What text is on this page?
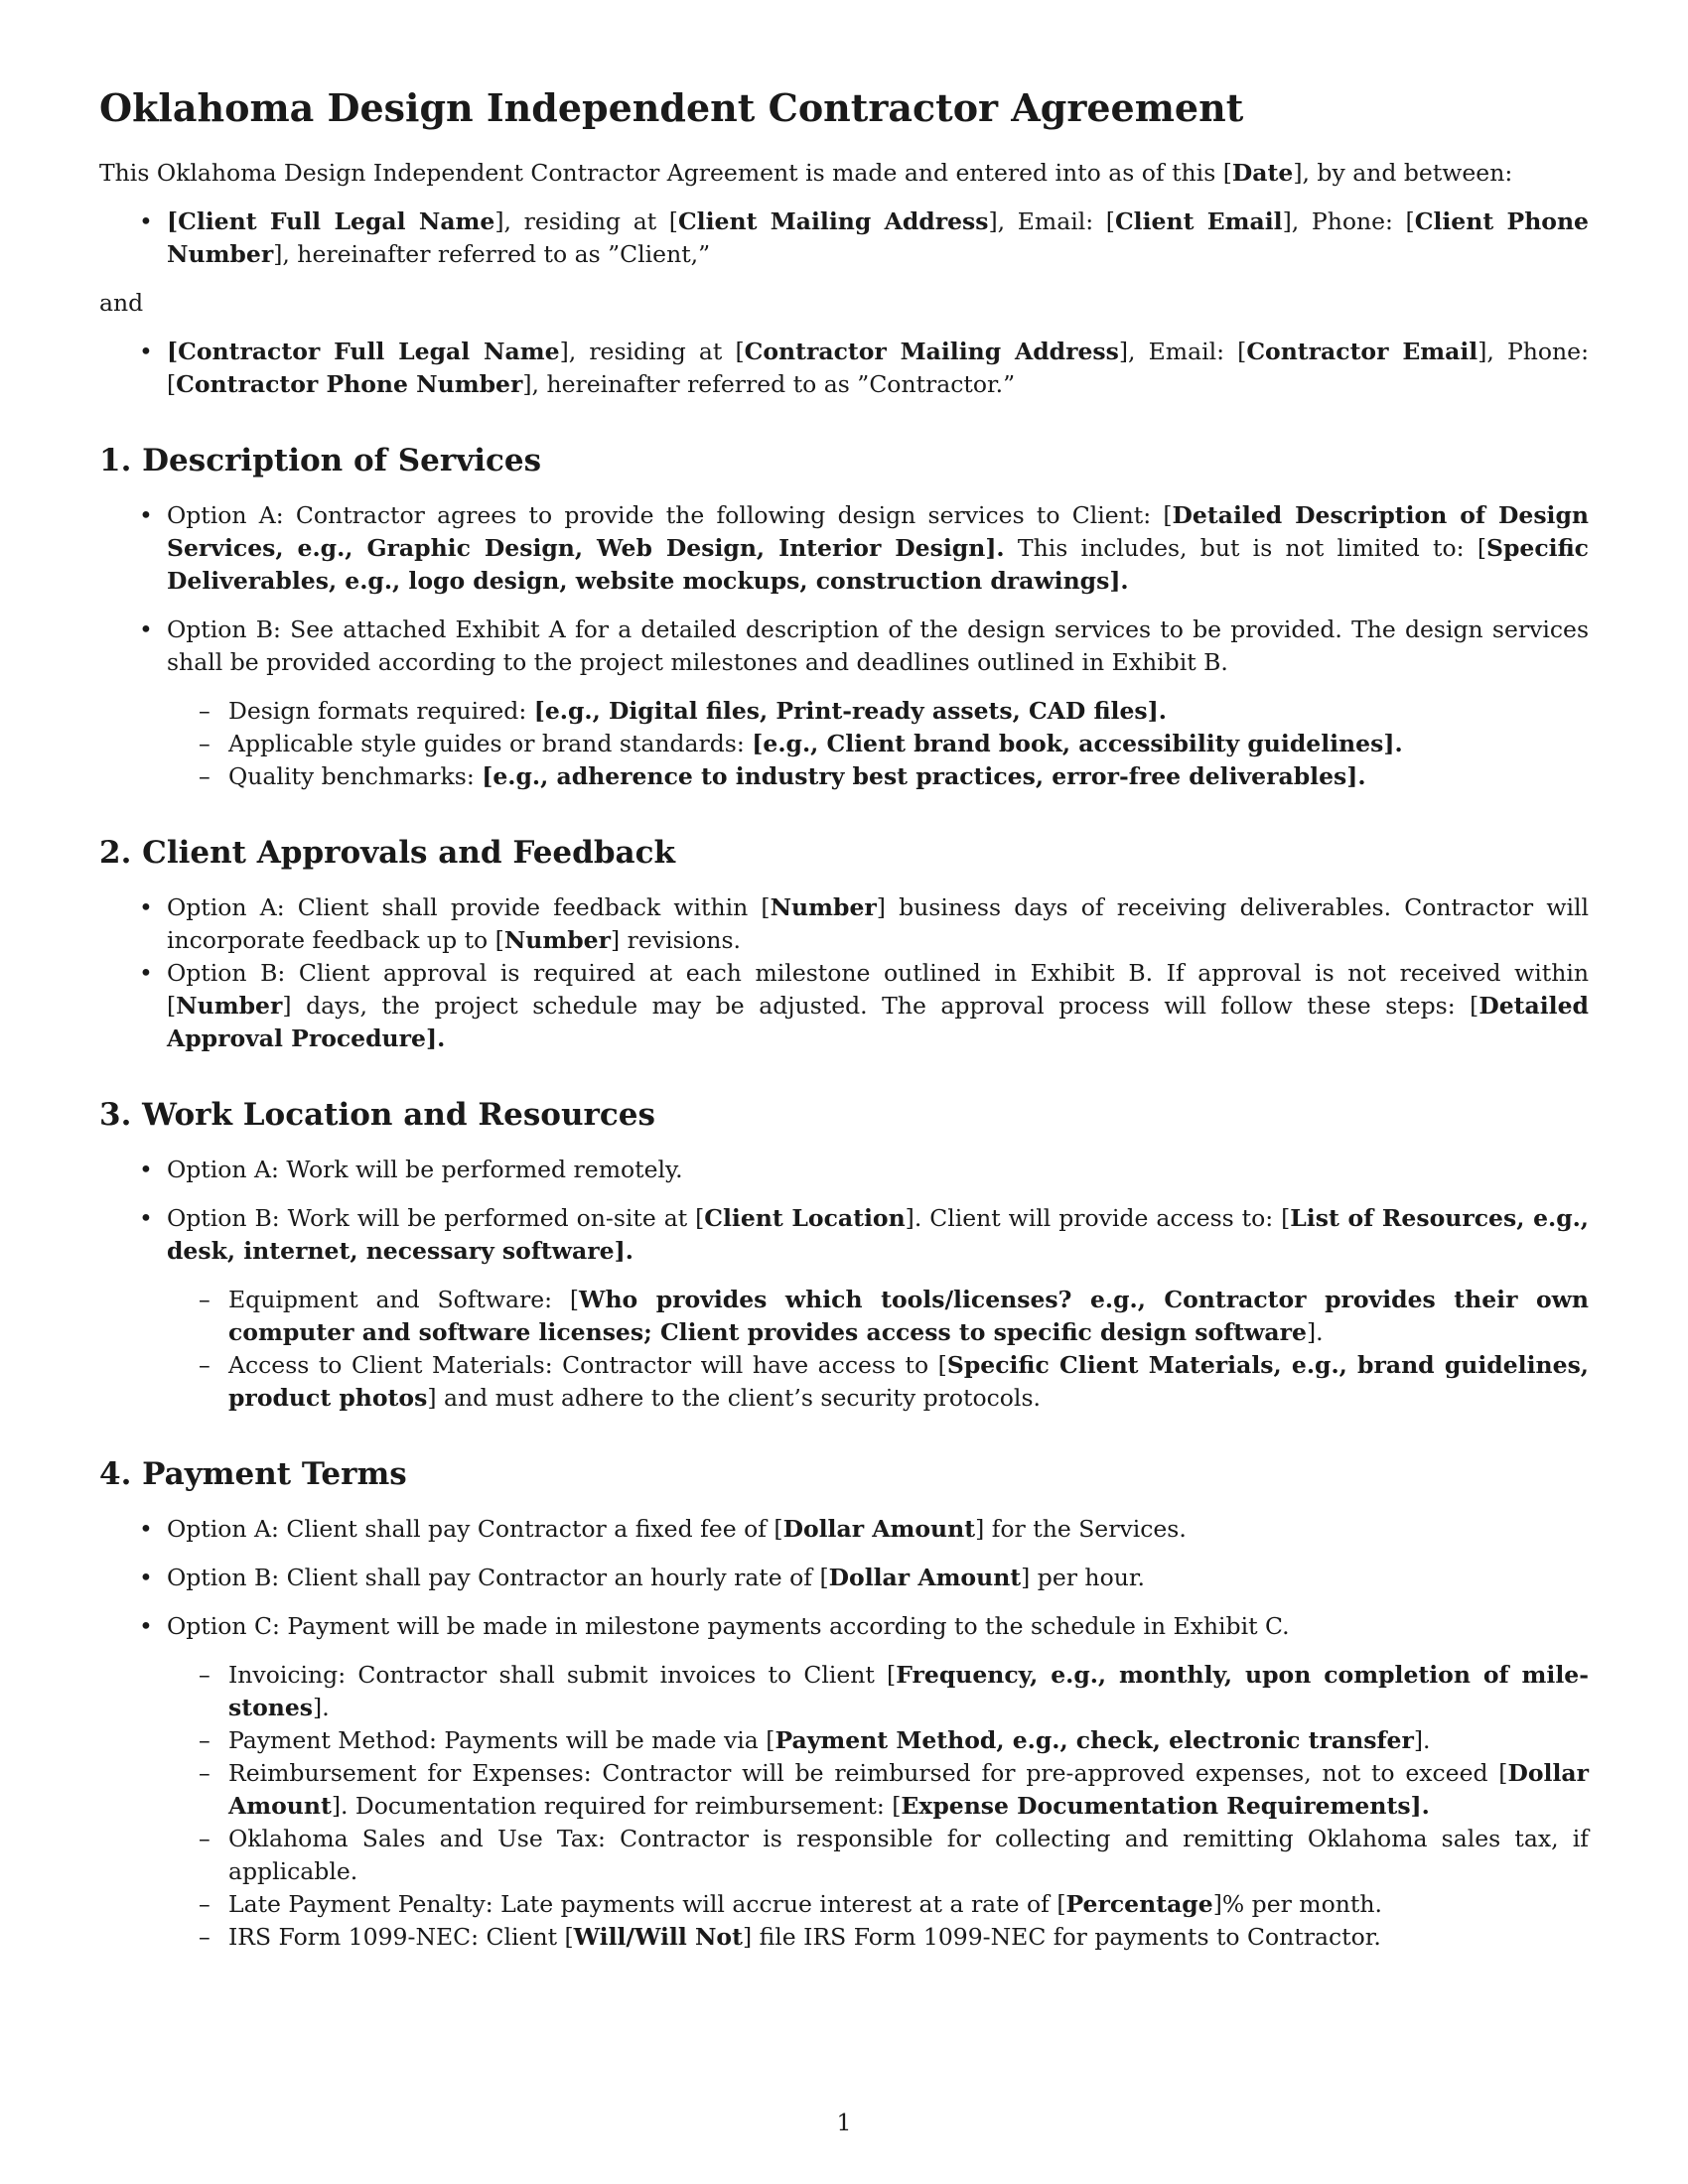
Oklahoma Design Independent Contractor Agreement

This Oklahoma Design Independent Contractor Agreement is made and entered into as of this [Date], by and between:

• [Client Full Legal Name], residing at [Client Mailing Address], Email: [Client Email], Phone: [Client Phone Number], hereinafter referred to as ”Client,”

and

• [Contractor Full Legal Name], residing at [Contractor Mailing Address], Email: [Contractor Email], Phone: [Contractor Phone Number], hereinafter referred to as ”Contractor.”
1. Description of Services
• Option A: Contractor agrees to provide the following design services to Client: [Detailed Description of Design Services, e.g., Graphic Design, Web Design, Interior Design]. This includes, but is not limited to: [Specific Deliverables, e.g., logo design, website mockups, construction drawings].
• Option B: See attached Exhibit A for a detailed description of the design services to be provided. The design services shall be provided according to the project milestones and deadlines outlined in Exhibit B.
– Design formats required: [e.g., Digital files, Print-ready assets, CAD files].
– Applicable style guides or brand standards: [e.g., Client brand book, accessibility guidelines].
– Quality benchmarks: [e.g., adherence to industry best practices, error-free deliverables].
2. Client Approvals and Feedback
• Option A: Client shall provide feedback within [Number] business days of receiving deliverables. Contractor will incorporate feedback up to [Number] revisions.
• Option B: Client approval is required at each milestone outlined in Exhibit B. If approval is not received within [Number] days, the project schedule may be adjusted. The approval process will follow these steps: [Detailed Approval Procedure].
3. Work Location and Resources
• Option A: Work will be performed remotely.
• Option B: Work will be performed on-site at [Client Location]. Client will provide access to: [List of Resources, e.g., desk, internet, necessary software].
– Equipment and Software: [Who provides which tools/licenses? e.g., Contractor provides their own computer and software licenses; Client provides access to specific design software].
– Access to Client Materials: Contractor will have access to [Specific Client Materials, e.g., brand guidelines, product photos] and must adhere to the client’s security protocols.
4. Payment Terms
• Option A: Client shall pay Contractor a fixed fee of [Dollar Amount] for the Services.
• Option B: Client shall pay Contractor an hourly rate of [Dollar Amount] per hour.
• Option C: Payment will be made in milestone payments according to the schedule in Exhibit C.
– Invoicing: Contractor shall submit invoices to Client [Frequency, e.g., monthly, upon completion of milestones].
– Payment Method: Payments will be made via [Payment Method, e.g., check, electronic transfer].
– Reimbursement for Expenses: Contractor will be reimbursed for pre-approved expenses, not to exceed [Dollar Amount]. Documentation required for reimbursement: [Expense Documentation Requirements].
– Oklahoma Sales and Use Tax: Contractor is responsible for collecting and remitting Oklahoma sales tax, if applicable.
– Late Payment Penalty: Late payments will accrue interest at a rate of [Percentage]% per month.
– IRS Form 1099-NEC: Client [Will/Will Not] file IRS Form 1099-NEC for payments to Contractor.
1
